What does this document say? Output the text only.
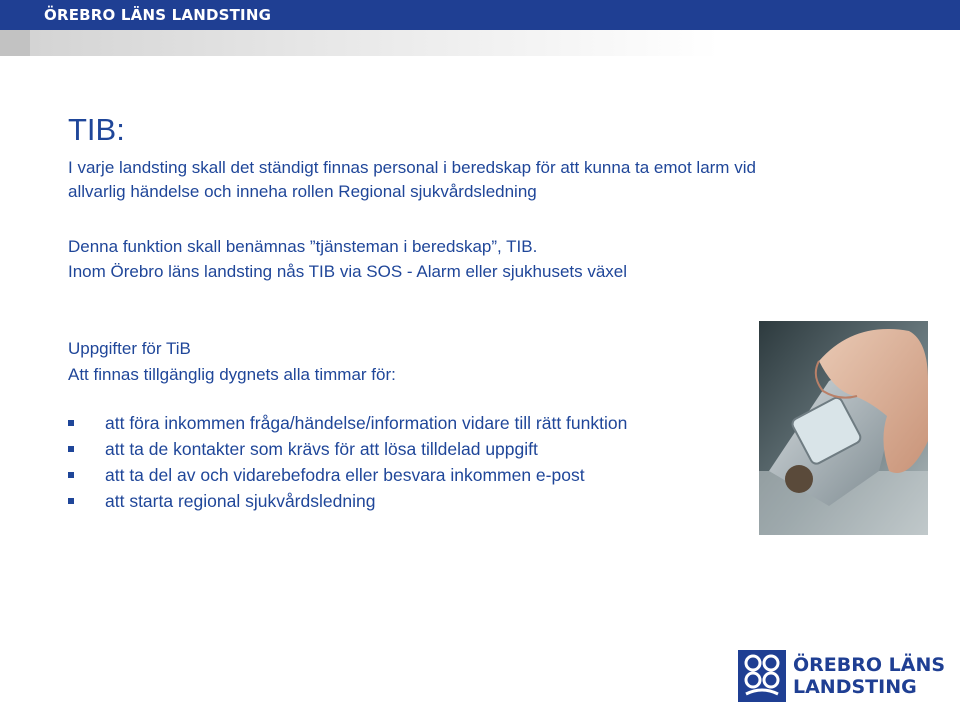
ÖREBRO LÄNS LANDSTING
TIB:
I varje landsting skall det ständigt finnas personal i beredskap för att kunna ta emot larm vid allvarlig händelse och inneha rollen Regional sjukvårdsledning
Denna funktion skall benämnas ”tjänsteman i beredskap”, TIB.
Inom Örebro läns landsting nås TIB via SOS - Alarm eller sjukhusets växel
Uppgifter för TiB
Att finnas tillgänglig dygnets alla timmar för:
att föra inkommen fråga/händelse/information vidare till rätt funktion
att ta de kontakter som krävs för att lösa tilldelad uppgift
att ta del av och vidarebefodra eller besvara inkommen e-post
att starta regional sjukvårdsledning
ÖREBRO LÄNS
LANDSTING
